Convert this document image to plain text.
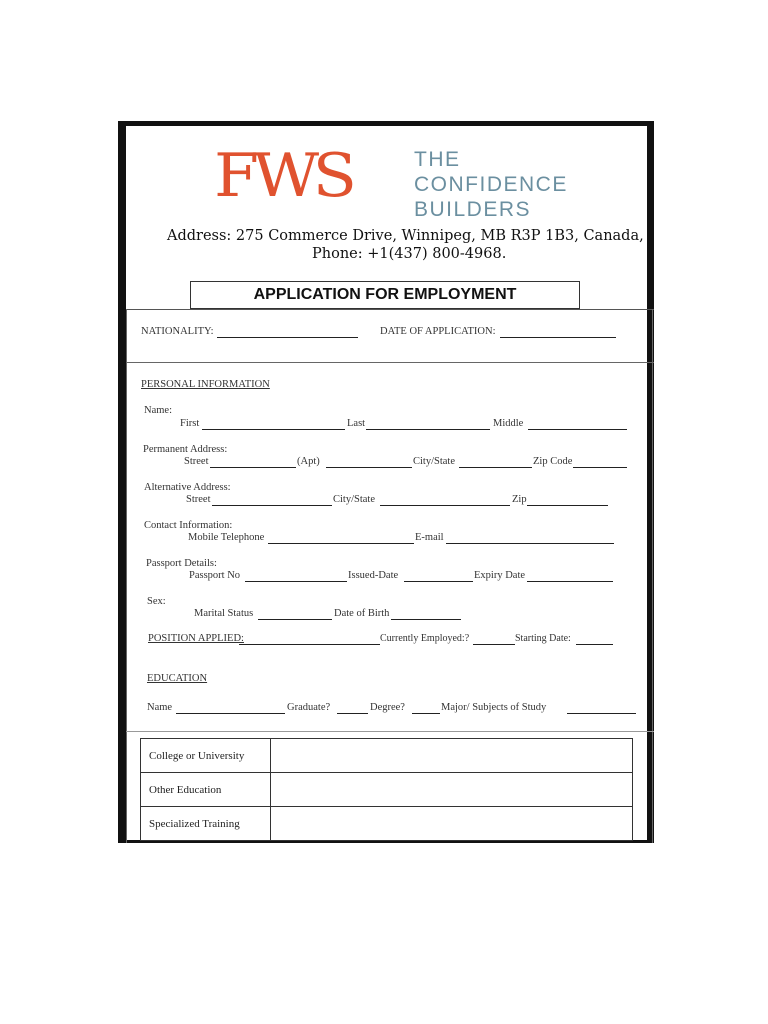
FWS	THE
CONFIDENCE
BUILDERS
Address: 275 Commerce Drive, Winnipeg, MB R3P 1B3, Canada,
Phone: +1(437) 800-4968.
APPLICATION FOR EMPLOYMENT
NATIONALITY:	DATE OF APPLICATION:
PERSONAL INFORMATION
Name:
First	Last	Middle
Permanent Address:
Street	(Apt)	City/State	Zip Code
Alternative Address:
Street	City/State	Zip
Contact Information:
Mobile Telephone	E-mail
Passport Details:
Passport No	Issued-Date	Expiry Date
Sex:
Marital Status	Date of Birth
POSITION APPLIED:	Currently Employed:?	Starting Date:
EDUCATION
Name	Graduate?	Degree?	Major/ Subjects of Study
College or University	
Other Education	
Specialized Training	
